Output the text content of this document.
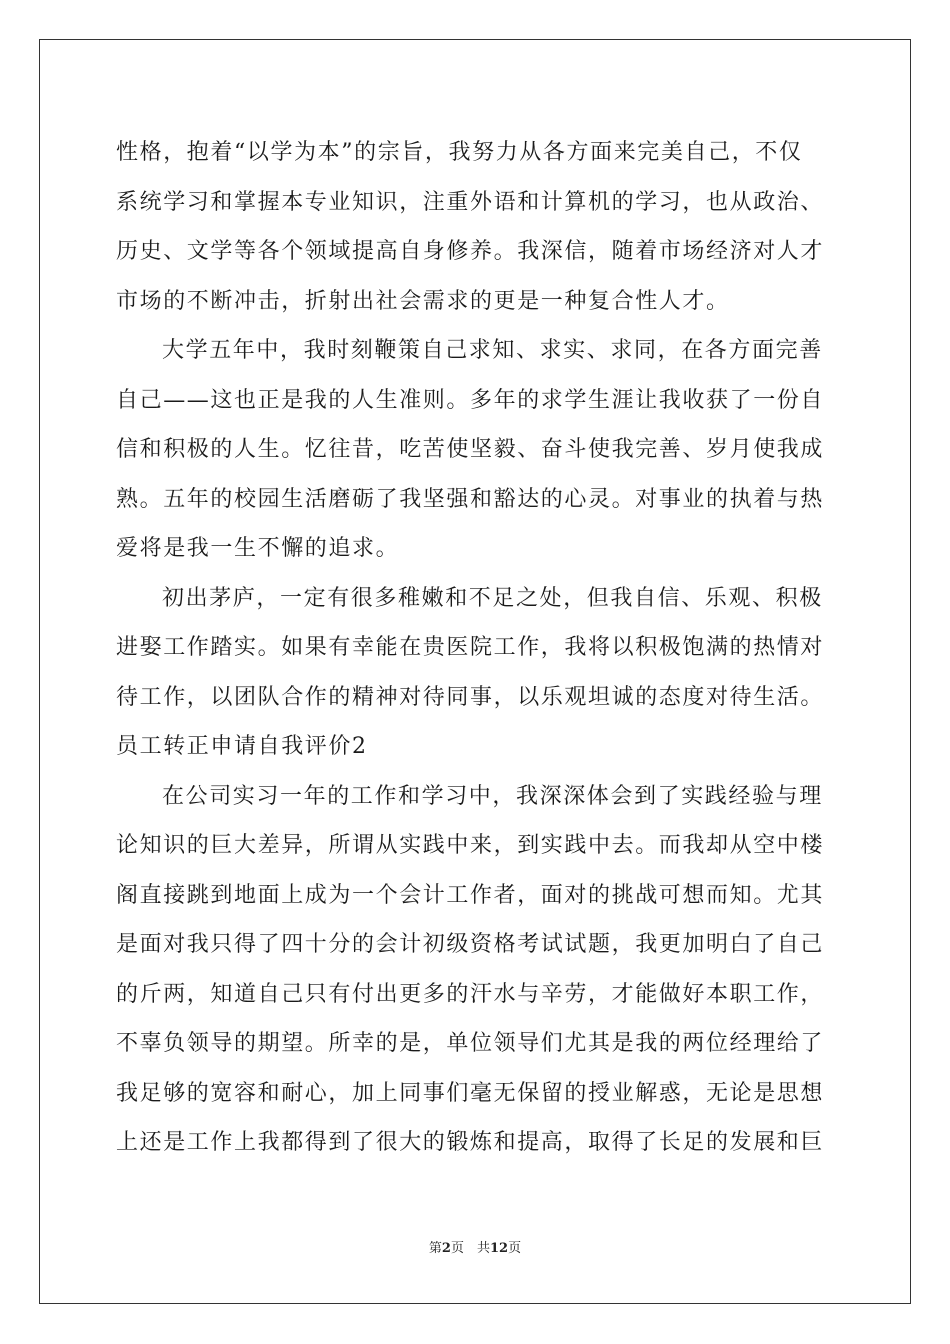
性格，抱着“以学为本”的宗旨，我努力从各方面来完美自己，不仅
系统学习和掌握本专业知识，注重外语和计算机的学习，也从政治、
历史、文学等各个领域提高自身修养。我深信，随着市场经济对人才
市场的不断冲击，折射出社会需求的更是一种复合性人才。
大学五年中，我时刻鞭策自己求知、求实、求同，在各方面完善
自己——这也正是我的人生准则。多年的求学生涯让我收获了一份自
信和积极的人生。忆往昔，吃苦使坚毅、奋斗使我完善、岁月使我成
熟。五年的校园生活磨砺了我坚强和豁达的心灵。对事业的执着与热
爱将是我一生不懈的追求。
初出茅庐，一定有很多稚嫩和不足之处，但我自信、乐观、积极
进娶工作踏实。如果有幸能在贵医院工作，我将以积极饱满的热情对
待工作，以团队合作的精神对待同事，以乐观坦诚的态度对待生活。
员工转正申请自我评价2
在公司实习一年的工作和学习中，我深深体会到了实践经验与理
论知识的巨大差异，所谓从实践中来，到实践中去。而我却从空中楼
阁直接跳到地面上成为一个会计工作者，面对的挑战可想而知。尤其
是面对我只得了四十分的会计初级资格考试试题，我更加明白了自己
的斤两，知道自己只有付出更多的汗水与辛劳，才能做好本职工作，
不辜负领导的期望。所幸的是，单位领导们尤其是我的两位经理给了
我足够的宽容和耐心，加上同事们毫无保留的授业解惑，无论是思想
上还是工作上我都得到了很大的锻炼和提高，取得了长足的发展和巨
第2页　共12页
